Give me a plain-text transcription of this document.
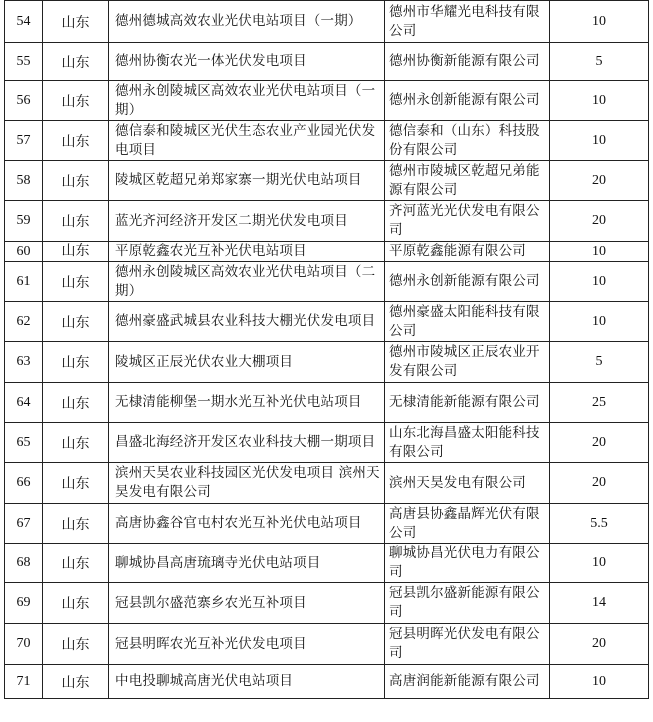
54	山东	德州德城高效农业光伏电站项目（一期）	德州市华耀光电科技有限公司	10
55	山东	德州协衡农光一体光伏发电项目	德州协衡新能源有限公司	5
56	山东	德州永创陵城区高效农业光伏电站项目（一期）	德州永创新能源有限公司	10
57	山东	德信泰和陵城区光伏生态农业产业园光伏发电项目	德信泰和（山东）科技股份有限公司	10
58	山东	陵城区乾超兄弟郑家寨一期光伏电站项目	德州市陵城区乾超兄弟能源有限公司	20
59	山东	蓝光齐河经济开发区二期光伏发电项目	齐河蓝光光伏发电有限公司	20
60	山东	平原乾鑫农光互补光伏电站项目	平原乾鑫能源有限公司	10
61	山东	德州永创陵城区高效农业光伏电站项目（二期）	德州永创新能源有限公司	10
62	山东	德州豪盛武城县农业科技大棚光伏发电项目	德州豪盛太阳能科技有限公司	10
63	山东	陵城区正辰光伏农业大棚项目	德州市陵城区正辰农业开发有限公司	5
64	山东	无棣清能柳堡一期水光互补光伏电站项目	无棣清能新能源有限公司	25
65	山东	昌盛北海经济开发区农业科技大棚一期项目	山东北海昌盛太阳能科技有限公司	20
66	山东	滨州天昊农业科技园区光伏发电项目 滨州天昊发电有限公司	滨州天昊发电有限公司	20
67	山东	高唐协鑫谷官屯村农光互补光伏电站项目	高唐县协鑫晶辉光伏有限公司	5.5
68	山东	聊城协昌高唐琉璃寺光伏电站项目	聊城协昌光伏电力有限公司	10
69	山东	冠县凯尔盛范寨乡农光互补项目	冠县凯尔盛新能源有限公司	14
70	山东	冠县明晖农光互补光伏发电项目	冠县明晖光伏发电有限公司	20
71	山东	中电投聊城高唐光伏电站项目	高唐润能新能源有限公司	10
